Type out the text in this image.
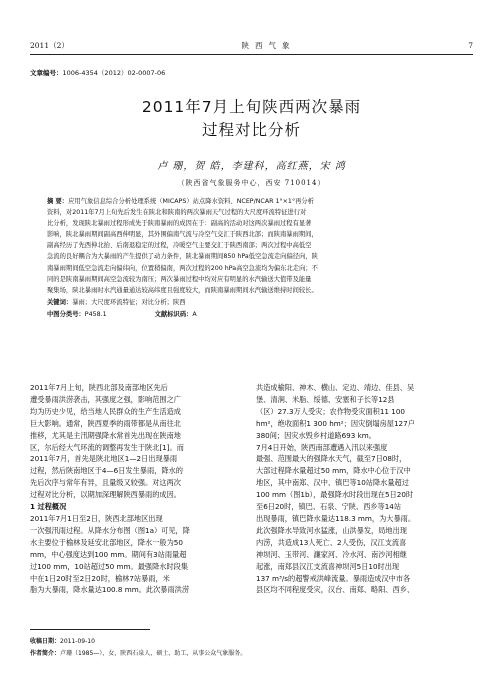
2011（2）	陕西气象	7
文章编号：1006-4354（2012）02-0007-06
2011年7月上旬陕西两次暴雨
过程对比分析
卢 珊，贺 皓，李建科，高红燕，宋 鸿
（陕西省气象服务中心，西安 710014）
摘 要：应用气象信息综合分析处理系统（MICAPS）站点降水资料、NCEP/NCAR 1°×1°再分析
资料，对2011年7月上旬先后发生在陕北和陕南的两次暴雨天气过程的大尺度环流特征进行对
比分析，发现陕北暴雨过程形成先于陕南暴雨的成因在于：副高的活动对这两次暴雨过程有显著
影响，陕北暴雨期间副高西伸明显，其外围偏南气流与冷空气交汇于陕西北部；而陕南暴雨期间，
副高经历了先西伸北抬、后南退稳定的过程，冷暖空气主要交汇于陕西南部；两次过程中高低空
急流的良好耦合为大暴雨的产生提供了动力条件，陕北暴雨期间850 hPa低空急流走向偏径向，陕
南暴雨期间低空急流走向偏纬向，位置稍偏南，两次过程的200 hPa高空急流均为偏东北走向；不
同的是陕南暴雨期间高空急流较为南压；两次暴雨过程中均对应有明显的水汽输送大值带及能量
聚集场，陕北暴雨时水汽通量通达较高纬度且强度较大，而陕南暴雨期间水汽输送维持时间较长。
关键词：暴雨；大尺度环流特征；对比分析；陕西
中图分类号：P458.1	文献标识码：A
2011年7月上旬，陕西北部及南部地区先后
遭受暴雨洪涝袭击，其强度之强，影响范围之广
均为历史少见，给当地人民群众的生产生活造成
巨大影响。通常，陕西夏季的雨带都是从南往北
推移，尤其是主汛期强降水常首先出现在陕南地
区，尔后经大气环流的调整再发生于陕北[1]。而
2011年7月，首先是陕北地区1—2日出现暴雨
过程，然后陕南地区于4—6日发生暴雨，降水的
先后次序与常年有异，且量级又较强。对这两次
过程对比分析，以期加深理解陕西暴雨的成因。
1 过程概况
2011年7月1日至2日，陕西北部地区出现
一次强汛雨过程。从降水分布图（图1a）可见，降
水主要位于榆林及延安北部地区，降水一般为50
mm，中心强度达到100 mm。期间有3站雨量超
过100 mm，10站超过50 mm。最强降水时段集
中在1日20时至2日20时，榆林7站暴雨，米
脂为大暴雨，降水量达100.8 mm。此次暴雨洪涝
共造成榆阳、神木、横山、定边、靖边、佳县、吴
堡、清涧、米脂、绥德、安塞和子长等12县
（区）27.3万人受灾；农作物受灾面积11 100
hm²，绝收面积1 300 hm²；因灾倒塌房屋127户
380间；因灾水毁乡村道路693 km。
7月4日开始，陕西南部遭遇入汛以来强度
最强、范围最大的强降水天气，截至7日08时，
大部过程降水量超过50 mm，降水中心位于汉中
地区，其中南郑、汉中、镇巴等10站降水量超过
100 mm（图1b），最强降水时段出现在5日20时
至6日20时，镇巴、石泉、宁陕、西乡等14站
出现暴雨，镇巴降水量达118.3 mm，为大暴雨。
此次强降水导致河水猛涨，山洪暴发，局地出现
内涝，共造成13人死亡、2人受伤，汉江支流喜
神坝河、玉带河、濂家河、冷水河、南沙河相继
起涨，南郑县汉江支流喜神坝河5日10时出现
137 m³/s的超警戒洪峰流量。暴雨造成汉中市各
县区均不同程度受灾，汉台、南郑、略阳、西乡、
收稿日期：2011-09-10
作者简介：卢珊（1985—），女，陕西石泉人，硕士，助工，从事公众气象服务。
